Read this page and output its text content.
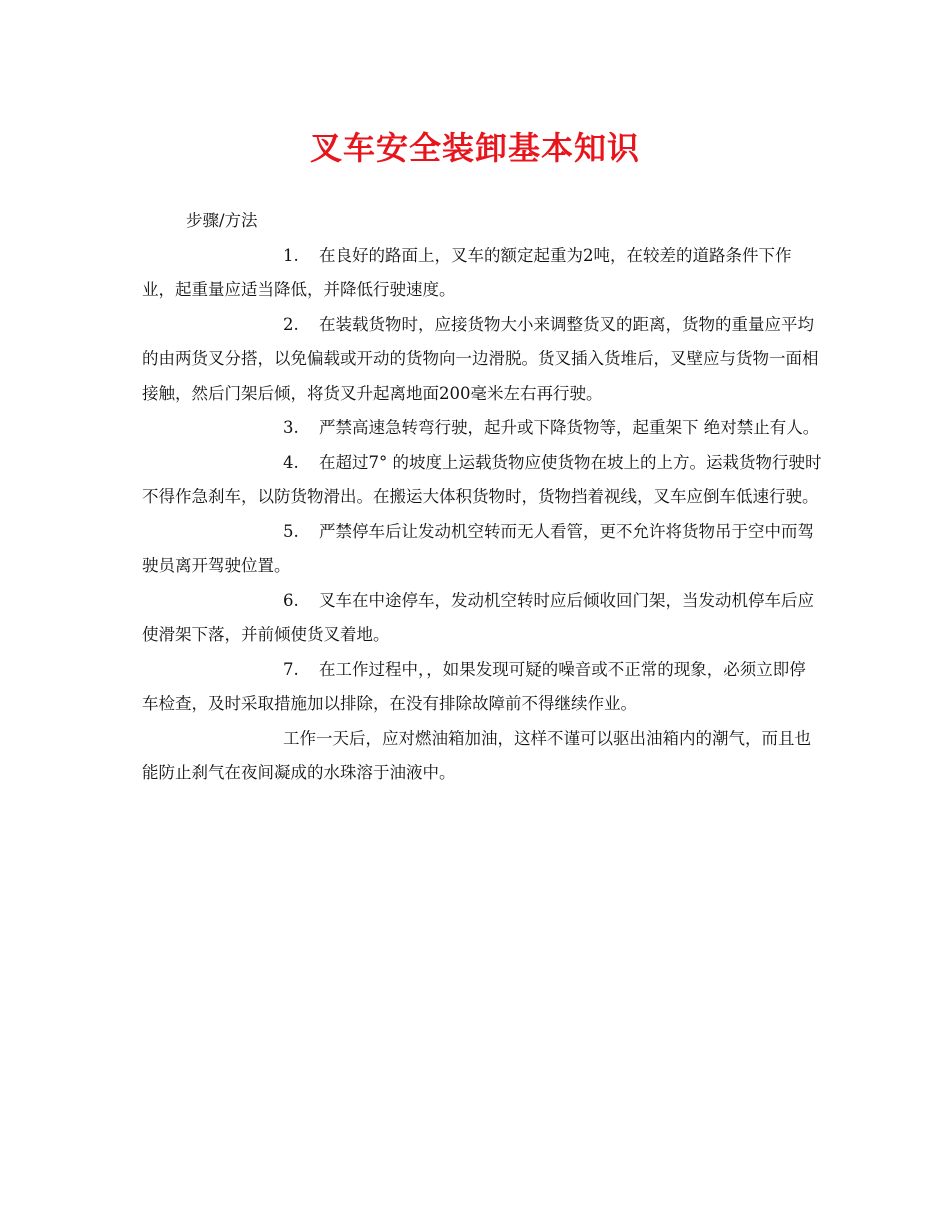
叉车安全装卸基本知识

步骤/方法

1. 在良好的路面上，叉车的额定起重为2吨，在较差的道路条件下作业，起重量应适当降低，并降低行驶速度。

2. 在装载货物时，应接货物大小来调整货叉的距离，货物的重量应平均的由两货叉分搭，以免偏载或开动的货物向一边滑脱。货叉插入货堆后，叉壁应与货物一面相接触，然后门架后倾，将货叉升起离地面200毫米左右再行驶。

3. 严禁高速急转弯行驶，起升或下降货物等，起重架下 绝对禁止有人。

4. 在超过7° 的坡度上运载货物应使货物在坡上的上方。运栽货物行驶时不得作急刹车，以防货物滑出。在搬运大体积货物时，货物挡着视线，叉车应倒车低速行驶。

5. 严禁停车后让发动机空转而无人看管，更不允许将货物吊于空中而驾驶员离开驾驶位置。

6. 叉车在中途停车，发动机空转时应后倾收回门架，当发动机停车后应使滑架下落，并前倾使货叉着地。

7. 在工作过程中，，如果发现可疑的噪音或不正常的现象，必须立即停车检查，及时采取措施加以排除，在没有排除故障前不得继续作业。

工作一天后，应对燃油箱加油，这样不谨可以驱出油箱内的潮气，而且也能防止刹气在夜间凝成的水珠溶于油液中。
